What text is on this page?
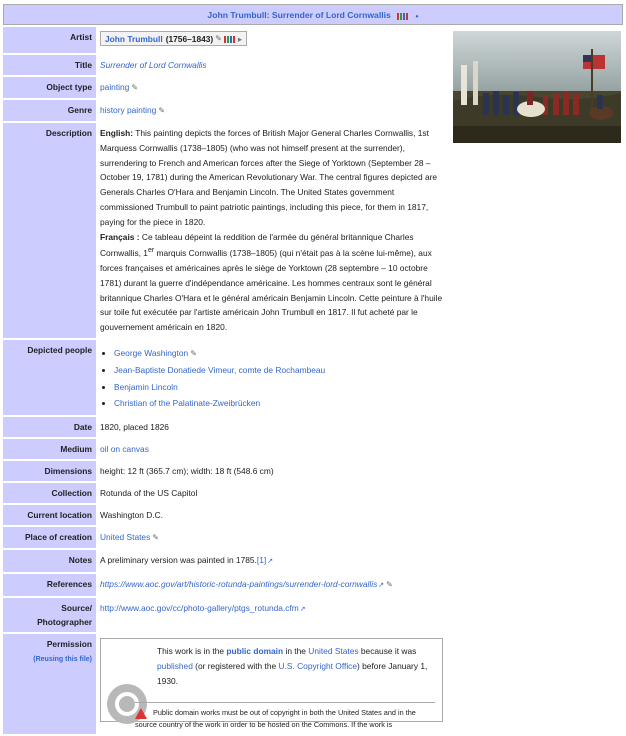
John Trumbull: Surrender of Lord Cornwallis	•
Artist	John Trumbull (1756–1843) ✎ ▸
Title Surrender of Lord Cornwallis
Object type painting ✎
Genre history painting ✎
Description English: This painting depicts the forces of British Major General Charles Cornwallis, 1st Marquess Cornwallis (1738–1805) (who was not himself present at the surrender), surrendering to French and American forces after the Siege of Yorktown (September 28 – October 19, 1781) during the American Revolutionary War. The central figures depicted are Generals Charles O'Hara and Benjamin Lincoln. The United States government commissioned Trumbull to paint patriotic paintings, including this piece, for them in 1817, paying for the piece in 1820.

Français : Ce tableau dépeint la reddition de l'armée du général britannique Charles Cornwallis, 1er marquis Cornwallis (1738–1805) (qui n'était pas à la scène lui-même), aux forces françaises et américaines après le siège de Yorktown (28 septembre – 10 octobre 1781) durant la guerre d'indépendance américaine. Les hommes centraux sont le général britannique Charles O'Hara et le général américain Benjamin Lincoln. Cette peinture à l'huile sur toile fut exécutée par l'artiste américain John Trumbull en 1817. Il fut acheté par le gouvernement américain en 1820.

Depicted people
•	George Washington ✎
• Jean-Baptiste Donatiede Vimeur, comte de Rochambeau
• Benjamin Lincoln
• Christian of the Palatinate-Zweibrücken
Date 1820, placed 1826
Medium oil on canvas
Dimensions height: 12 ft (365.7 cm); width: 18 ft (548.6 cm)
Collection Rotunda of the US Capitol
Current location Washington D.C.
Place of creation United States ✎
Notes A preliminary version was painted in 1785.[1]↗
References https://www.aoc.gov/art/historic-rotunda-paintings/surrender-lord-cornwallis↗ ✎
Source/
Photographer
http://www.aoc.gov/cc/photo-gallery/ptgs_rotunda.cfm↗
Permission
(Reusing this file)
This work is in the public domain in the United States because it was published (or registered with the U.S. Copyright Office) before January 1, 1930.
Public domain works must be out of copyright in both the United States and in the source country of the work in order to be hosted on the Commons. If the work is
